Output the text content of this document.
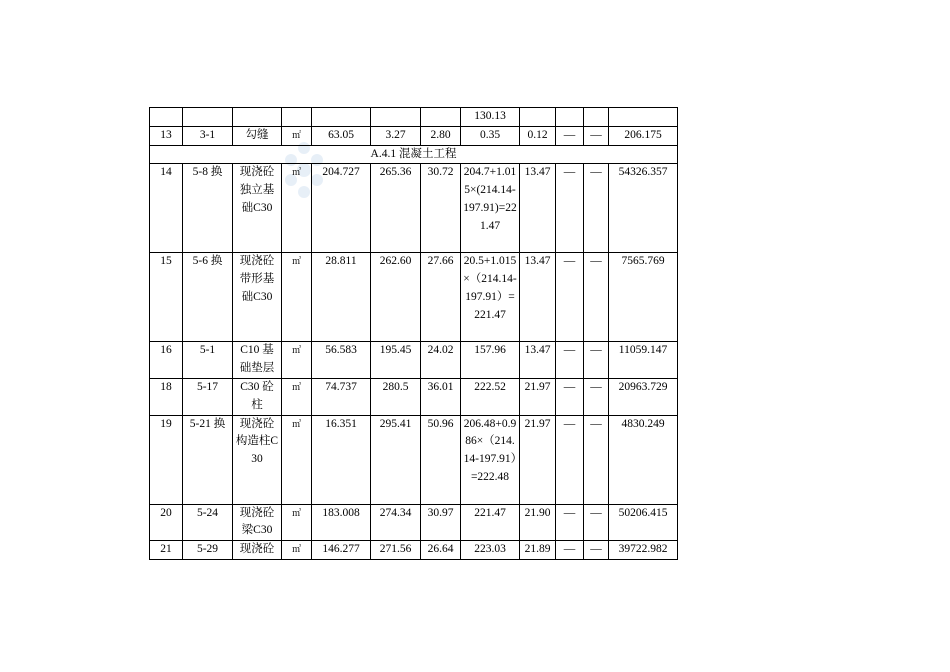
							130.13				
13	3-1	勾缝	㎡	63.05	3.27	2.80	0.35	0.12	—	—	206.175
A.4.1 混凝土工程											
14	5-8 换	现浇砼独立基础C30	㎥	204.727	265.36	30.72	204.7+1.015×(214.14-197.91)=221.47	13.47	—	—	54326.357
15	5-6 换	现浇砼带形基础C30	㎥	28.811	262.60	27.66	20.5+1.015×（214.14-197.91）=221.47	13.47	—	—	7565.769
16	5-1	C10 基础垫层	㎥	56.583	195.45	24.02	157.96	13.47	—	—	11059.147
18	5-17	C30 砼柱	㎥	74.737	280.5	36.01	222.52	21.97	—	—	20963.729
19	5-21 换	现浇砼构造柱C30	㎥	16.351	295.41	50.96	206.48+0.986×（214.14-197.91）=222.48	21.97	—	—	4830.249
20	5-24	现浇砼梁C30	㎥	183.008	274.34	30.97	221.47	21.90	—	—	50206.415
21	5-29	现浇砼	㎥	146.277	271.56	26.64	223.03	21.89	—	—	39722.982
